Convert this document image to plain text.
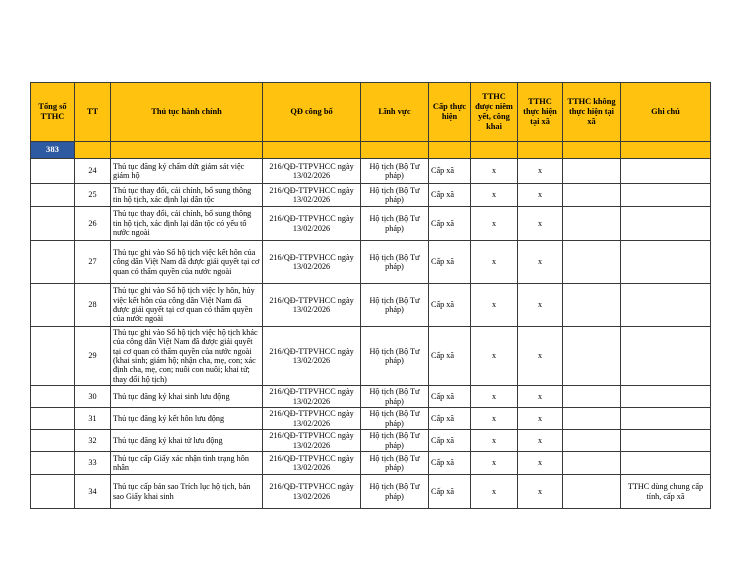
Tổng số TTHC	TT	Thủ tục hành chính	QĐ công bố	Lĩnh vực	Cấp thực hiện	TTHC được niêm yết, công khai	TTHC thực hiện tại xã	TTHC không thực hiện tại xã	Ghi chú
383									
	24	Thủ tục đăng ký chấm dứt giám sát việc giám hộ	216/QĐ-TTPVHCC ngày 13/02/2026	Hộ tịch (Bộ Tư pháp)	Cấp xã	x	x		
	25	Thủ tục thay đổi, cải chính, bổ sung thông tin hộ tịch, xác định lại dân tộc	216/QĐ-TTPVHCC ngày 13/02/2026	Hộ tịch (Bộ Tư pháp)	Cấp xã	x	x		
	26	Thủ tục thay đổi, cải chính, bổ sung thông tin hộ tịch, xác định lại dân tộc có yếu tố nước ngoài	216/QĐ-TTPVHCC ngày 13/02/2026	Hộ tịch (Bộ Tư pháp)	Cấp xã	x	x		
	27	Thủ tục ghi vào Sổ hộ tịch việc kết hôn của công dân Việt Nam đã được giải quyết tại cơ quan có thẩm quyền của nước ngoài	216/QĐ-TTPVHCC ngày 13/02/2026	Hộ tịch (Bộ Tư pháp)	Cấp xã	x	x		
	28	Thủ tục ghi vào Sổ hộ tịch việc ly hôn, hủy việc kết hôn của công dân Việt Nam đã được giải quyết tại cơ quan có thẩm quyền của nước ngoài	216/QĐ-TTPVHCC ngày 13/02/2026	Hộ tịch (Bộ Tư pháp)	Cấp xã	x	x		
	29	Thủ tục ghi vào Sổ hộ tịch việc hộ tịch khác của công dân Việt Nam đã được giải quyết tại cơ quan có thẩm quyền của nước ngoài (khai sinh; giám hộ; nhận cha, mẹ, con; xác định cha, mẹ, con; nuôi con nuôi; khai tử; thay đổi hộ tịch)	216/QĐ-TTPVHCC ngày 13/02/2026	Hộ tịch (Bộ Tư pháp)	Cấp xã	x	x		
	30	Thủ tục đăng ký khai sinh lưu động	216/QĐ-TTPVHCC ngày 13/02/2026	Hộ tịch (Bộ Tư pháp)	Cấp xã	x	x		
	31	Thủ tục đăng ký kết hôn lưu động	216/QĐ-TTPVHCC ngày 13/02/2026	Hộ tịch (Bộ Tư pháp)	Cấp xã	x	x		
	32	Thủ tục đăng ký khai tử lưu động	216/QĐ-TTPVHCC ngày 13/02/2026	Hộ tịch (Bộ Tư pháp)	Cấp xã	x	x		
	33	Thủ tục cấp Giấy xác nhận tình trạng hôn nhân	216/QĐ-TTPVHCC ngày 13/02/2026	Hộ tịch (Bộ Tư pháp)	Cấp xã	x	x		
	34	Thủ tục cấp bản sao Trích lục hộ tịch, bản sao Giấy khai sinh	216/QĐ-TTPVHCC ngày 13/02/2026	Hộ tịch (Bộ Tư pháp)	Cấp xã	x	x		TTHC dùng chung cấp tỉnh, cấp xã
